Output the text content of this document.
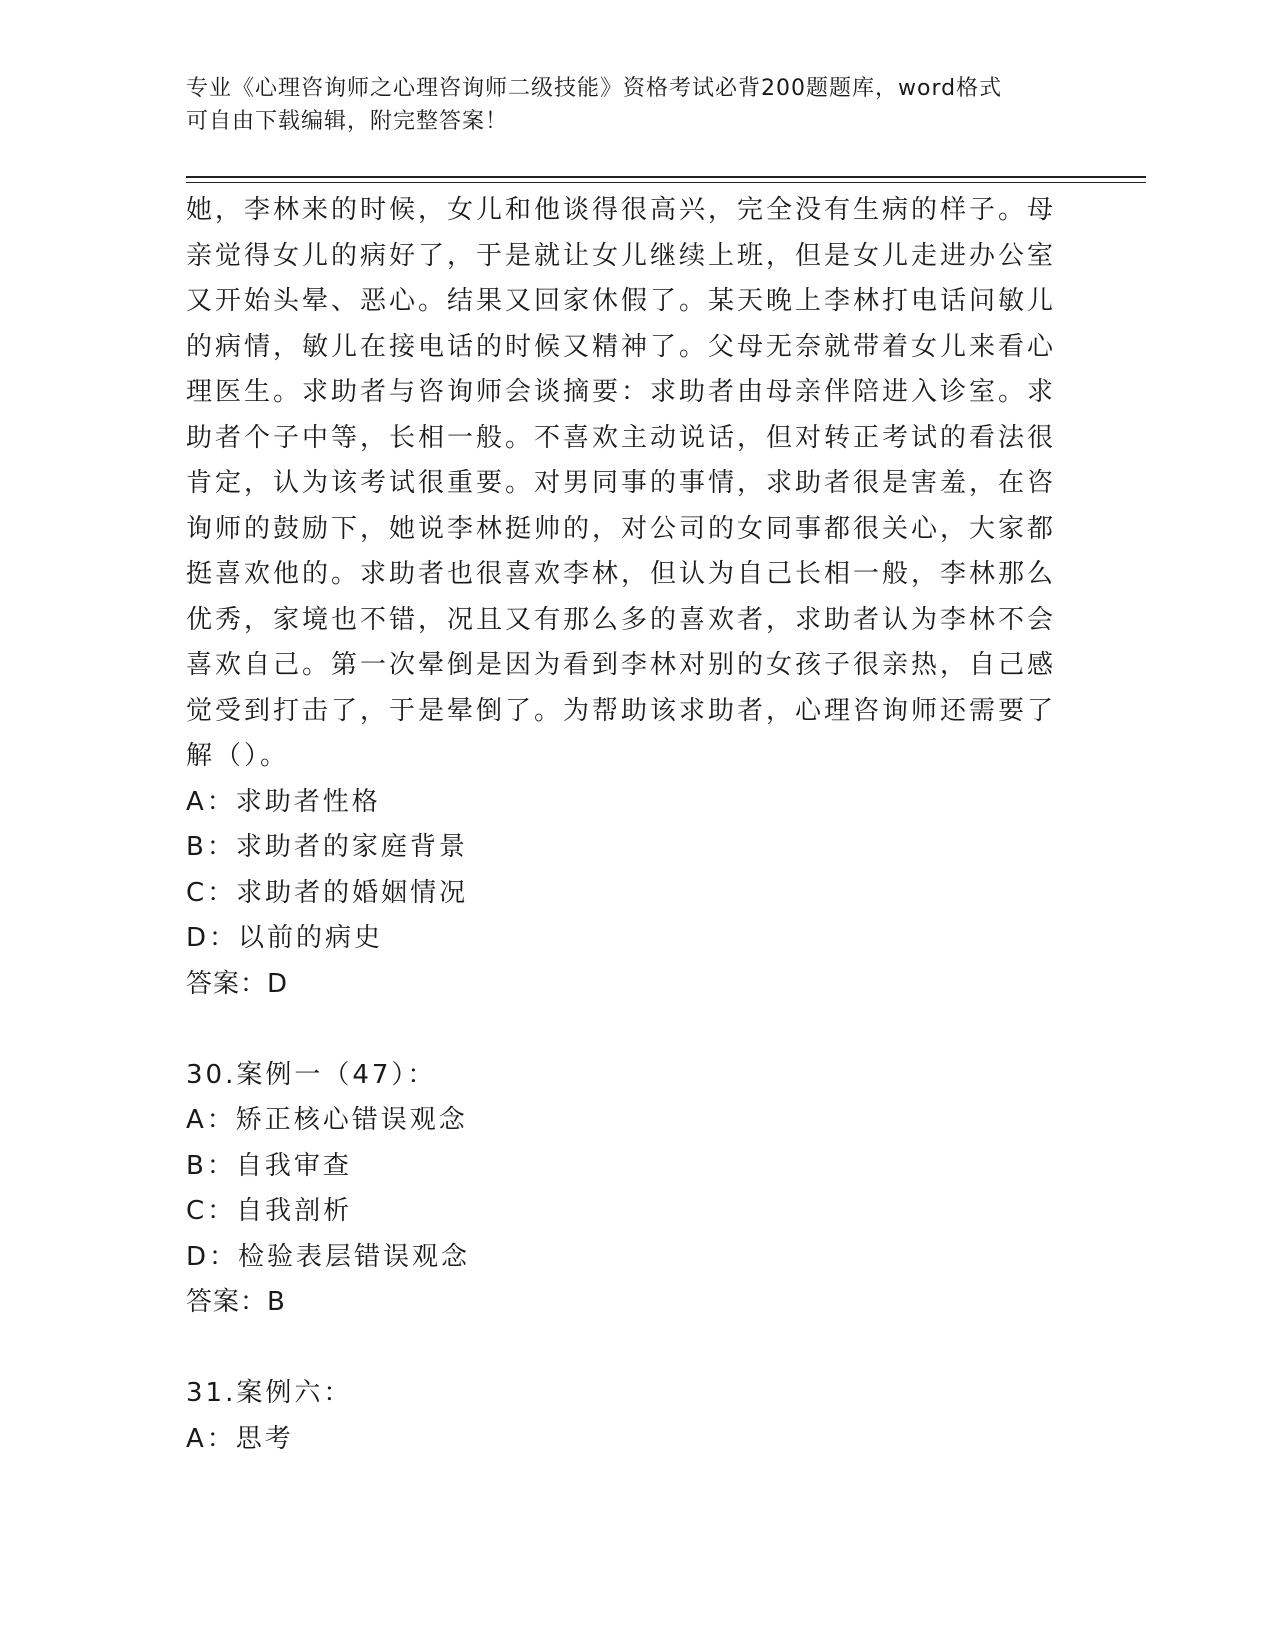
专业《心理咨询师之心理咨询师二级技能》资格考试必背200题题库，word格式
可自由下载编辑，附完整答案！
她，李林来的时候，女儿和他谈得很高兴，完全没有生病的样子。母
亲觉得女儿的病好了，于是就让女儿继续上班，但是女儿走进办公室
又开始头晕、恶心。结果又回家休假了。某天晚上李林打电话问敏儿
的病情，敏儿在接电话的时候又精神了。父母无奈就带着女儿来看心
理医生。求助者与咨询师会谈摘要：求助者由母亲伴陪进入诊室。求
助者个子中等，长相一般。不喜欢主动说话，但对转正考试的看法很
肯定，认为该考试很重要。对男同事的事情，求助者很是害羞，在咨
询师的鼓励下，她说李林挺帅的，对公司的女同事都很关心，大家都
挺喜欢他的。求助者也很喜欢李林，但认为自己长相一般，李林那么
优秀，家境也不错，况且又有那么多的喜欢者，求助者认为李林不会
喜欢自己。第一次晕倒是因为看到李林对别的女孩子很亲热，自己感
觉受到打击了，于是晕倒了。为帮助该求助者，心理咨询师还需要了
解（）。
A：求助者性格
B：求助者的家庭背景
C：求助者的婚姻情况
D：以前的病史
答案：D
30.案例一（47）：
A：矫正核心错误观念
B：自我审查
C：自我剖析
D：检验表层错误观念
答案：B
31.案例六：
A：思考
